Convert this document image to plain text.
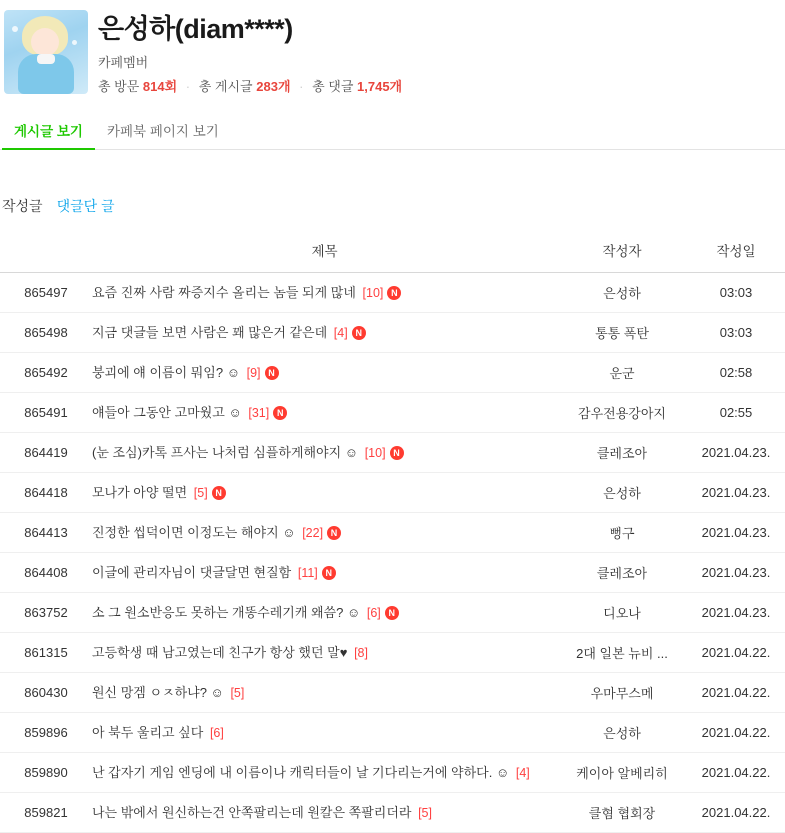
은성하(diam****)
카페멤버
총 방문 814회 · 총 게시글 283개 · 총 댓글 1,745개
게시글 보기	카페북 페이지 보기
작성글 댓글단 글
	제목	작성자	작성일
865497	요즘 진짜 사람 짜증지수 올리는 놈들 되게 많네 [10] N	은성하	03:03
865498	지금 댓글들 보면 사람은 꽤 많은거 같은데 [4] N	통통 폭탄	03:03
865492	붕괴에 얘 이름이 뭐임? ☺ [9] N	운군	02:58
865491	얘들아 그동안 고마웠고 ☺ [31] N	감우전용강아지	02:55
864419	(눈 조심)카톡 프사는 나처럼 심플하게해야지 ☺ [10] N	클레조아	2021.04.23.
864418	모나가 아양 떨면 [5] N	은성하	2021.04.23.
864413	진정한 씹덕이면 이정도는 해야지 ☺ [22] N	뻥구	2021.04.23.
864408	이글에 관리자님이 댓글달면 현질함 [11] N	클레조아	2021.04.23.
863752	소 그 원소반응도 못하는 개똥수레기캐 왜씀? ☺ [6] N	디오나	2021.04.23.
861315	고등학생 때 남고였는데 친구가 항상 했던 말♥ [8]	2대 일본 뉴비 ...	2021.04.22.
860430	원신 망겜 ㅇㅈ하냐? ☺ [5]	우마무스메	2021.04.22.
859896	아 북두 울리고 싶다 [6]	은성하	2021.04.22.
859890	난 갑자기 게임 엔딩에 내 이름이나 캐릭터들이 날 기다리는거에 약하다. ☺ [4]	케이아 알베리히	2021.04.22.
859821	나는 밖에서 원신하는건 안쪽팔리는데 원칼은 쪽팔리더라 [5]	클혐 협회장	2021.04.22.
